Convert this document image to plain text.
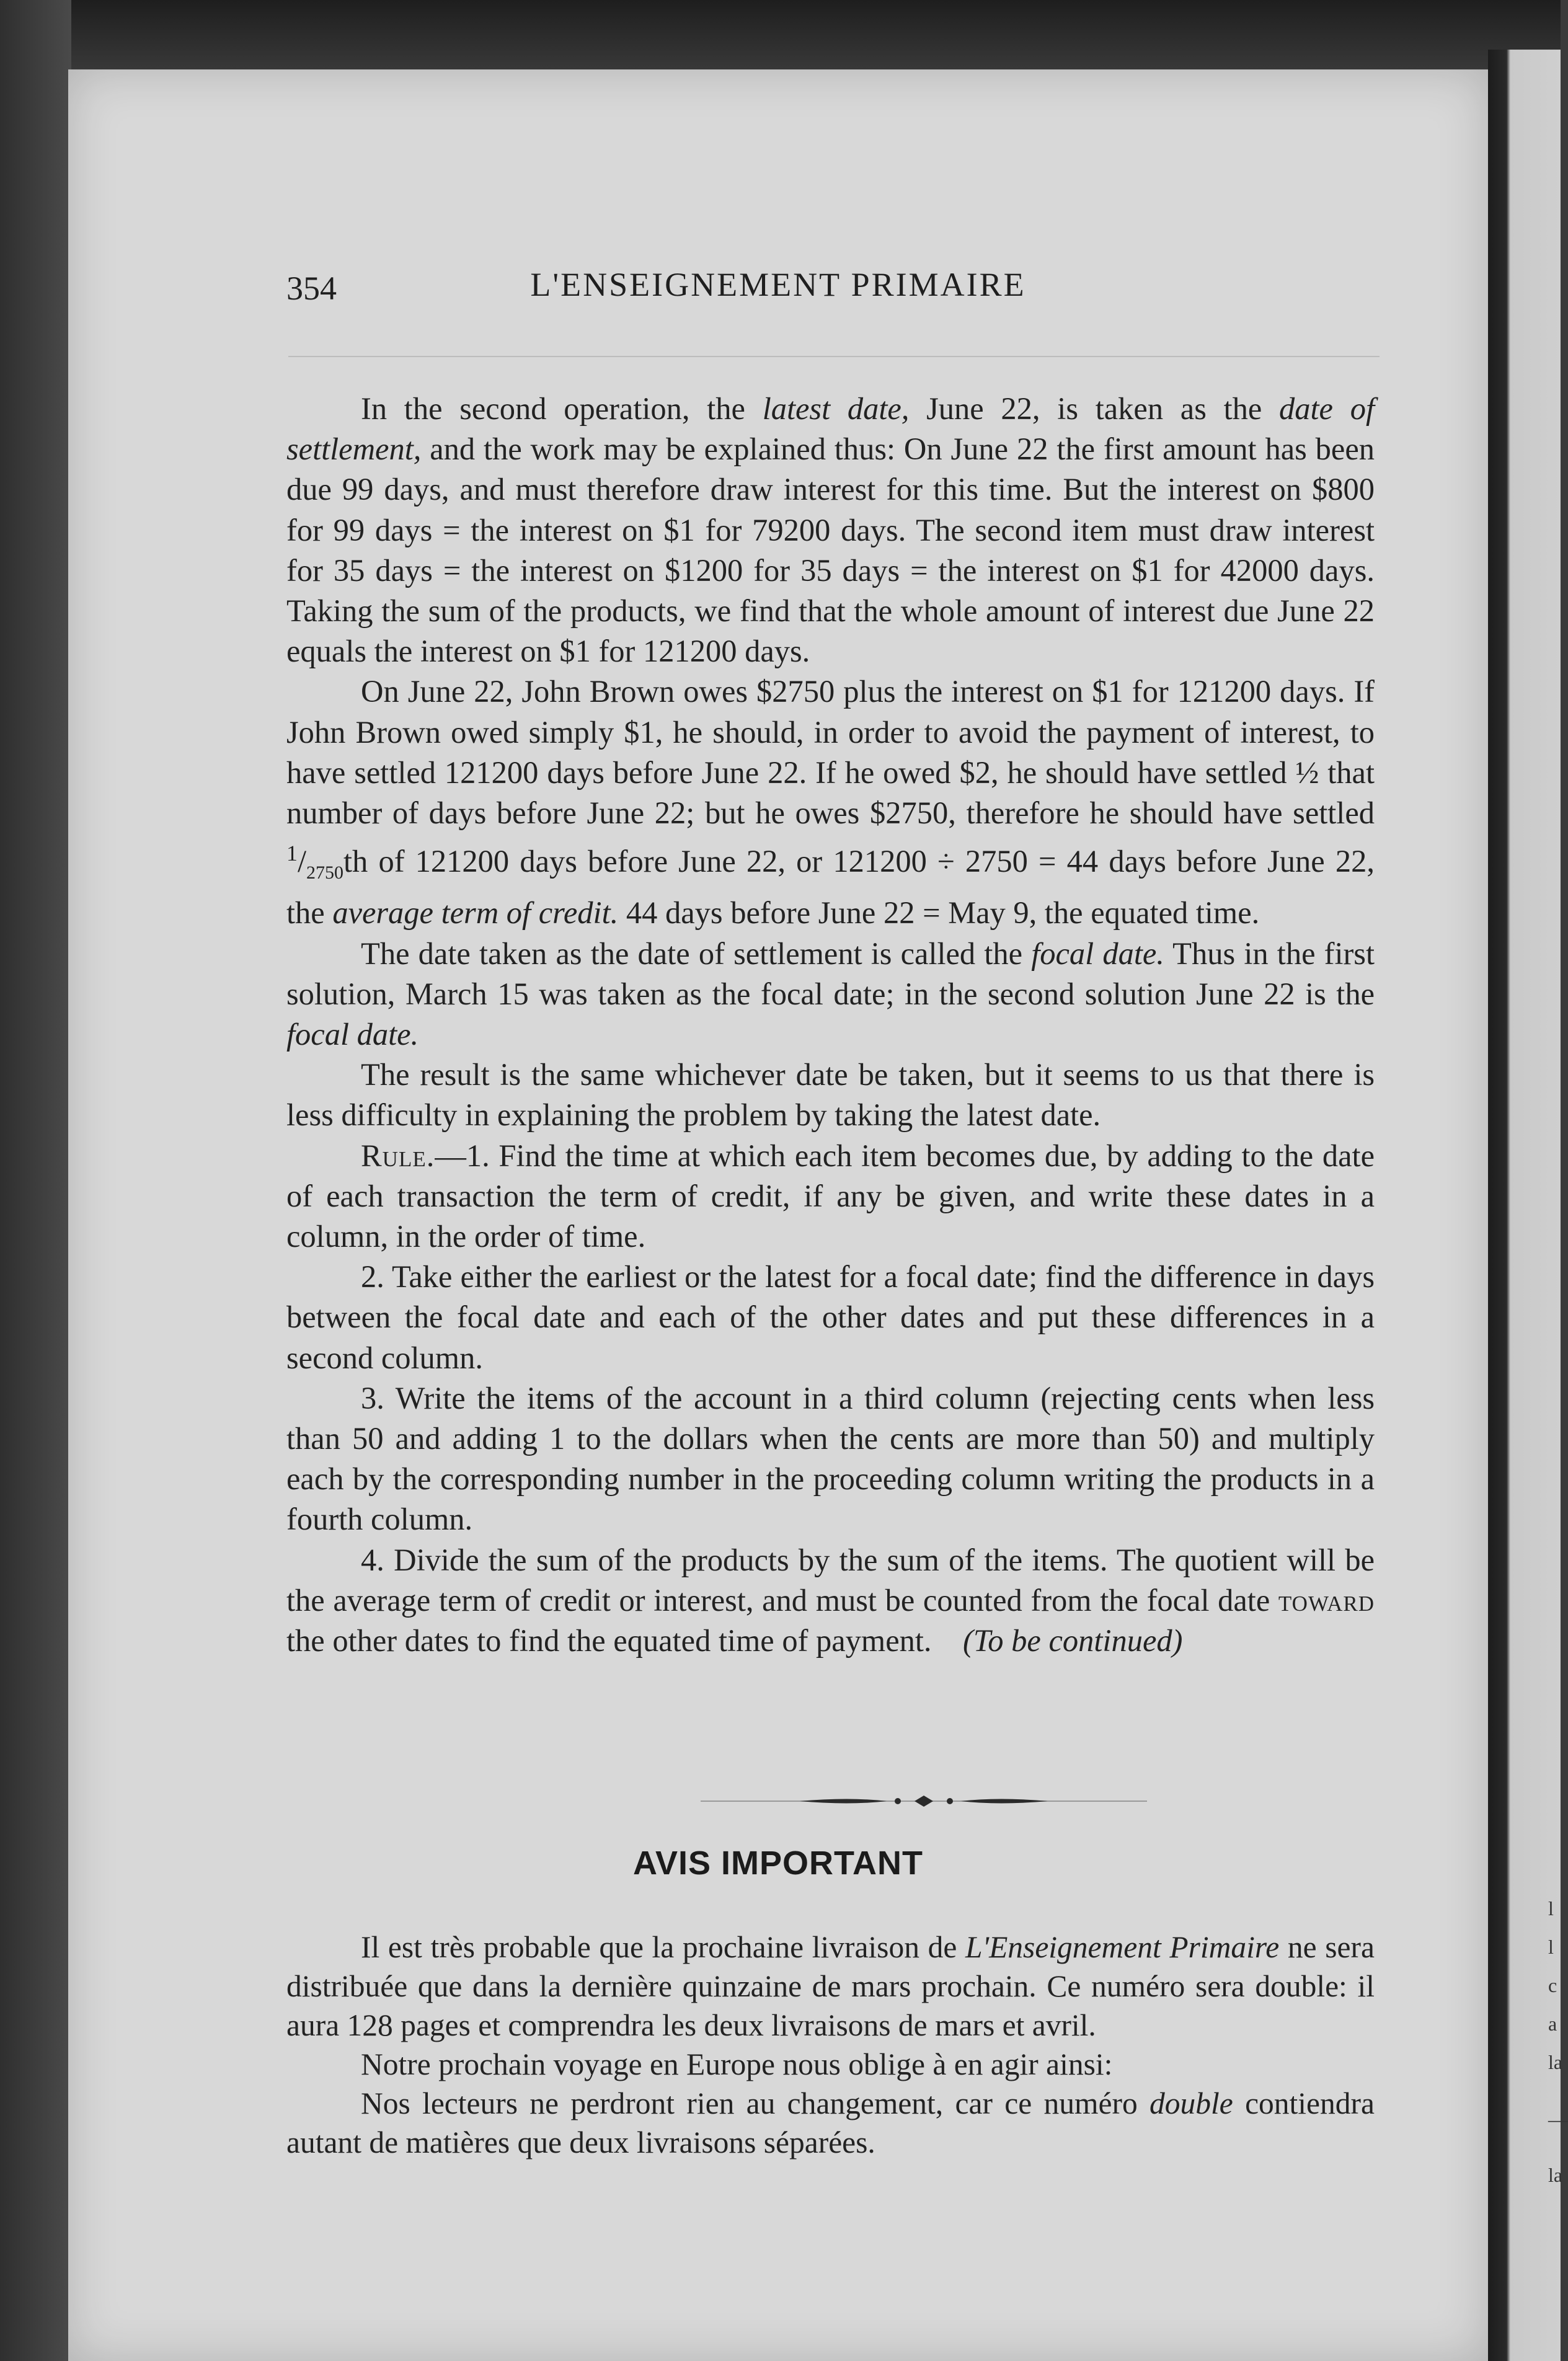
354	L'ENSEIGNEMENT PRIMAIRE

In the second operation, the latest date, June 22, is taken as the date of settlement, and the work may be explained thus: On June 22 the first amount has been due 99 days, and must therefore draw interest for this time. But the interest on $800 for 99 days = the interest on $1 for 79200 days. The second item must draw interest for 35 days = the interest on $1200 for 35 days = the interest on $1 for 42000 days. Taking the sum of the products, we find that the whole amount of interest due June 22 equals the interest on $1 for 121200 days.

On June 22, John Brown owes $2750 plus the interest on $1 for 121200 days. If John Brown owed simply $1, he should, in order to avoid the payment of interest, to have settled 121200 days before June 22. If he owed $2, he should have settled ½ that number of days before June 22; but he owes $2750, therefore he should have settled $^1/_{2750}th$ of 121200 days before June 22, or 121200 ÷ 2750 = 44 days before June 22, the average term of credit. 44 days before June 22 = May 9, the equated time.

The date taken as the date of settlement is called the focal date. Thus in the first solution, March 15 was taken as the focal date; in the second solution June 22 is the focal date.

The result is the same whichever date be taken, but it seems to us that there is less difficulty in explaining the problem by taking the latest date.

Rule.—1. Find the time at which each item becomes due, by adding to the date of each transaction the term of credit, if any be given, and write these dates in a column, in the order of time.

2. Take either the earliest or the latest for a focal date; find the difference in days between the focal date and each of the other dates and put these differences in a second column.

3. Write the items of the account in a third column (rejecting cents when less than 50 and adding 1 to the dollars when the cents are more than 50) and multiply each by the corresponding number in the proceeding column writing the products in a fourth column.

4. Divide the sum of the products by the sum of the items. The quotient will be the average term of credit or interest, and must be counted from the focal date toward the other dates to find the equated time of payment. (To be continued)

AVIS IMPORTANT

Il est très probable que la prochaine livraison de L'Enseignement Primaire ne sera distribuée que dans la dernière quinzaine de mars prochain. Ce numéro sera double: il aura 128 pages et comprendra les deux livraisons de mars et avril.

Notre prochain voyage en Europe nous oblige à en agir ainsi:

Nos lecteurs ne perdront rien au changement, car ce numéro double contiendra autant de matières que deux livraisons séparées.

l
l
c
a
la
—
la
